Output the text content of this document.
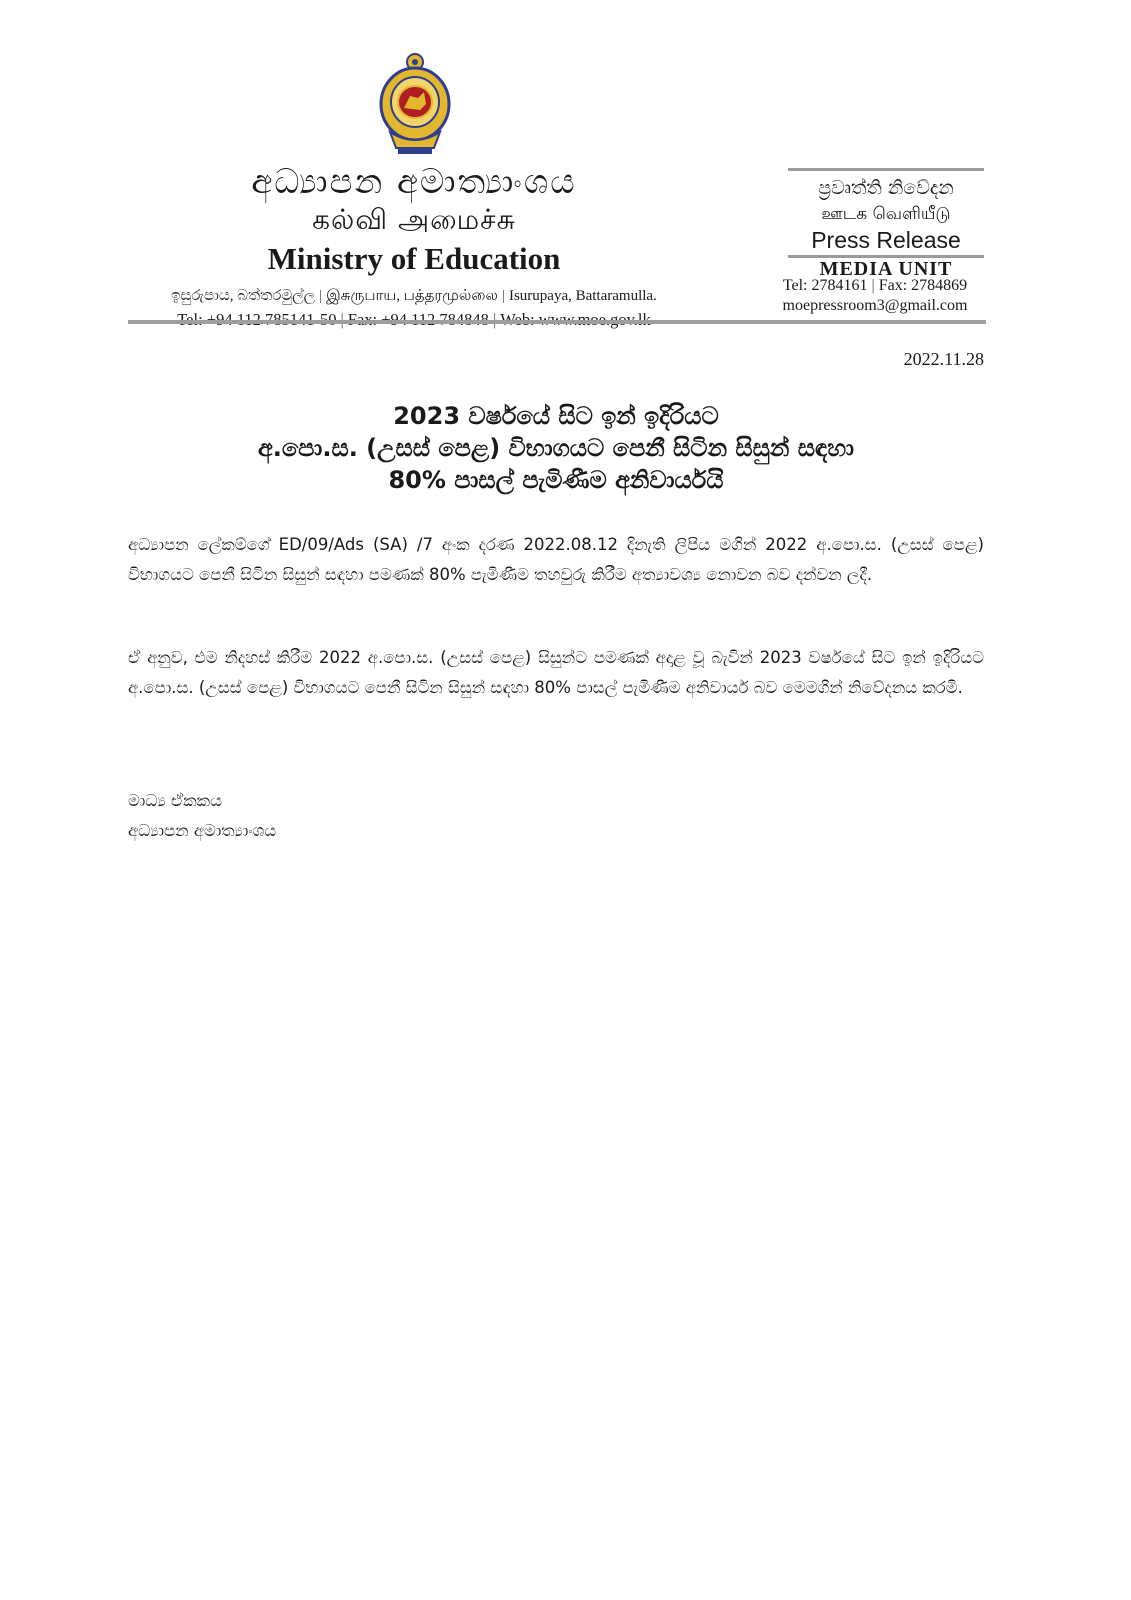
අධ්‍යාපන අමාත්‍යාංශය
கல்வி அமைச்சு
Ministry of Education
ඉසුරුපාය, බත්තරමුල්ල | இசுருபாய, பத்தரமுல்லை | Isurupaya, Battaramulla.
ප්‍රවෘත්ති නිවේදන
ஊடக வெளியீடு
Press Release
MEDIA UNIT
Tel: 2784161 | Fax: 2784869
moepressroom3@gmail.com
2022.11.28
2023 වර්ෂයේ සිට ඉන් ඉදිරියට
අ.පො.ස. (උසස් පෙළ) විභාගයට පෙනී සිටින සිසුන් සඳහා
80% පාසල් පැමිණීම අනිවාර්යයි
අධ්‍යාපන ලේකම්ගේ ED/09/Ads (SA) /7 අංක දරණ 2022.08.12 දිනැති ලිපිය මගින් 2022 අ.පො.ස. (උසස් පෙළ) විභාගයට පෙනී සිටින සිසුන් සඳහා පමණක් 80% පැමිණීම තහවුරු කිරීම අත්‍යාවශ්‍ය නොවන බව දන්වන ලදී.
ඒ අනුව, එම නිදහස් කිරීම 2022 අ.පො.ස. (උසස් පෙළ) සිසුන්ට පමණක් අදාළ වූ බැවින් 2023 වර්ෂයේ සිට ඉන් ඉදිරියට අ.පො.ස. (උසස් පෙළ) විභාගයට පෙනී සිටින සිසුන් සඳහා 80% පාසල් පැමිණීම අනිවාර්ය බව මෙමගින් නිවේදනය කරමි.
මාධ්‍ය ඒකකය
අධ්‍යාපන අමාත්‍යාංශය
